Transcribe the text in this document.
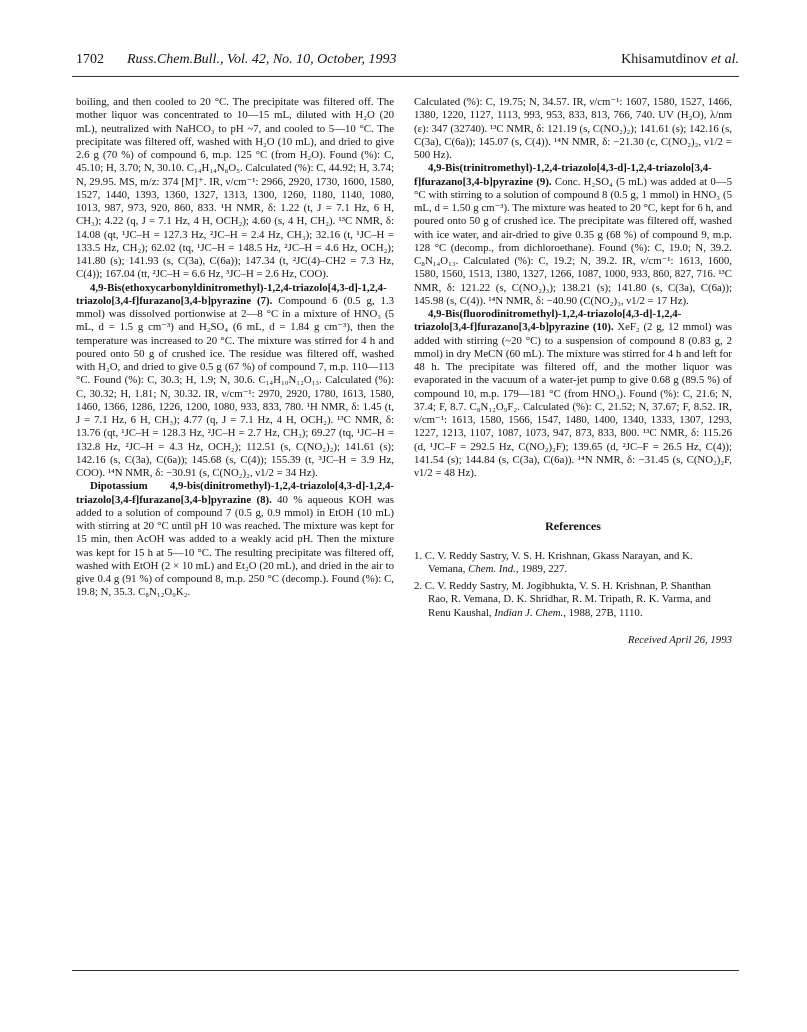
1702 Russ.Chem.Bull., Vol. 42, No. 10, October, 1993	Khisamutdinov et al.

boiling, and then cooled to 20 °C. The precipitate was filtered off. The mother liquor was concentrated to 10—15 mL, diluted with H₂O (20 mL), neutralized with NaHCO₃ to pH ~7, and cooled to 5—10 °C. The precipitate was filtered off, washed with H₂O (10 mL), and dried to give 2.6 g (70 %) of compound 6, m.p. 125 °C (from H₂O). Found (%): C, 45.10; H, 3.70; N, 30.10. C₁₄H₁₄N₈O₅. Calculated (%): C, 44.92; H, 3.74; N, 29.95. MS, m/z: 374 [M]⁺. IR, ν/cm⁻¹: 2966, 2920, 1730, 1600, 1580, 1527, 1440, 1393, 1360, 1327, 1313, 1300, 1260, 1180, 1140, 1080, 1013, 987, 973, 920, 860, 833. ¹H NMR, δ: 1.22 (t, J = 7.1 Hz, 6 H, CH₃); 4.22 (q, J = 7.1 Hz, 4 H, OCH₂); 4.60 (s, 4 H, CH₂). ¹³C NMR, δ: 14.08 (qt, ¹JC–H = 127.3 Hz, ²JC–H = 2.4 Hz, CH₃); 32.16 (t, ¹JC–H = 133.5 Hz, CH₂); 62.02 (tq, ¹JC–H = 148.5 Hz, ²JC–H = 4.6 Hz, OCH₂); 141.80 (s); 141.93 (s, C(3a), C(6a)); 147.34 (t, ²JC(4)–CH2 = 7.3 Hz, C(4)); 167.04 (tt, ²JC–H = 6.6 Hz, ³JC–H = 2.6 Hz, COO).

4,9-Bis(ethoxycarbonyldinitromethyl)-1,2,4-triazolo[4,3-d]-1,2,4-triazolo[3,4-f]furazano[3,4-b]pyrazine (7). Compound 6 (0.5 g, 1.3 mmol) was dissolved portionwise at 2—8 °C in a mixture of HNO₃ (5 mL, d = 1.5 g cm⁻³) and H₂SO₄ (6 mL, d = 1.84 g cm⁻³), then the temperature was increased to 20 °C. The mixture was stirred for 4 h and poured onto 50 g of crushed ice. The residue was filtered off, washed with H₂O, and dried to give 0.5 g (67 %) of compound 7, m.p. 110—113 °C. Found (%): C, 30.3; H, 1.9; N, 30.6. C₁₄H₁₀N₁₂O₁₃. Calculated (%): C, 30.32; H, 1.81; N, 30.32. IR, ν/cm⁻¹: 2970, 2920, 1780, 1613, 1580, 1460, 1366, 1286, 1226, 1200, 1080, 933, 833, 780. ¹H NMR, δ: 1.45 (t, J = 7.1 Hz, 6 H, CH₃); 4.77 (q, J = 7.1 Hz, 4 H, OCH₂). ¹³C NMR, δ: 13.76 (qt, ¹JC–H = 128.3 Hz, ²JC–H = 2.7 Hz, CH₃); 69.27 (tq, ¹JC–H = 132.8 Hz, ²JC–H = 4.3 Hz, OCH₂); 112.51 (s, C(NO₂)₂); 141.61 (s); 142.16 (s, C(3a), C(6a)); 145.68 (s, C(4)); 155.39 (t, ³JC–H = 3.9 Hz, COO). ¹⁴N NMR, δ: −30.91 (s, C(NO₂)₂, ν1/2 = 34 Hz).

Dipotassium 4,9-bis(dinitromethyl)-1,2,4-triazolo[4,3-d]-1,2,4-triazolo[3,4-f]furazano[3,4-b]pyrazine (8). 40 % aqueous KOH was added to a solution of compound 7 (0.5 g, 0.9 mmol) in EtOH (10 mL) with stirring at 20 °C until pH 10 was reached. The mixture was kept for 15 min, then AcOH was added to a weakly acid pH. Then the mixture was kept for 15 h at 5—10 °C. The resulting precipitate was filtered off, washed with EtOH (2 × 10 mL) and Et₂O (20 mL), and dried in the air to give 0.4 g (91 %) of compound 8, m.p. 250 °C (decomp.). Found (%): C, 19.8; N, 35.3. C₈N₁₂O₉K₂.

Calculated (%): C, 19.75; N, 34.57. IR, ν/cm⁻¹: 1607, 1580, 1527, 1466, 1380, 1220, 1127, 1113, 993, 953, 833, 813, 766, 740. UV (H₂O), λ/nm (ε): 347 (32740). ¹³C NMR, δ: 121.19 (s, C(NO₂)₂); 141.61 (s); 142.16 (s, C(3a), C(6a)); 145.07 (s, C(4)). ¹⁴N NMR, δ: −21.30 (c, C(NO₂)₂, ν1/2 = 500 Hz).

4,9-Bis(trinitromethyl)-1,2,4-triazolo[4,3-d]-1,2,4-triazolo[3,4-f]furazano[3,4-b]pyrazine (9). Conc. H₂SO₄ (5 mL) was added at 0—5 °C with stirring to a solution of compound 8 (0.5 g, 1 mmol) in HNO₃ (5 mL, d = 1.50 g cm⁻³). The mixture was heated to 20 °C, kept for 6 h, and poured onto 50 g of crushed ice. The precipitate was filtered off, washed with ice water, and air-dried to give 0.35 g (68 %) of compound 9, m.p. 128 °C (decomp., from dichloroethane). Found (%): C, 19.0; N, 39.2. C₈N₁₄O₁₃. Calculated (%): C, 19.2; N, 39.2. IR, ν/cm⁻¹: 1613, 1600, 1580, 1560, 1513, 1380, 1327, 1266, 1087, 1000, 933, 860, 827, 716. ¹³C NMR, δ: 121.22 (s, C(NO₂)₃); 138.21 (s); 141.80 (s, C(3a), C(6a)); 145.98 (s, C(4)). ¹⁴N NMR, δ: −40.90 (C(NO₂)₃, ν1/2 = 17 Hz).

4,9-Bis(fluorodinitromethyl)-1,2,4-triazolo[4,3-d]-1,2,4-triazolo[3,4-f]furazano[3,4-b]pyrazine (10). XeF₂ (2 g, 12 mmol) was added with stirring (~20 °C) to a suspension of compound 8 (0.83 g, 2 mmol) in dry MeCN (60 mL). The mixture was stirred for 4 h and left for 48 h. The precipitate was filtered off, and the mother liquor was evaporated in the vacuum of a water-jet pump to give 0.68 g (89.5 %) of compound 10, m.p. 179—181 °C (from HNO₃). Found (%): C, 21.6; N, 37.4; F, 8.7. C₈N₁₂O₉F₂. Calculated (%): C, 21.52; N, 37.67; F, 8.52. IR, ν/cm⁻¹: 1613, 1580, 1566, 1547, 1480, 1400, 1340, 1333, 1307, 1293, 1227, 1213, 1107, 1087, 1073, 947, 873, 833, 800. ¹³C NMR, δ: 115.26 (d, ¹JC–F = 292.5 Hz, C(NO₂)₂F); 139.65 (d, ²JC–F = 26.5 Hz, C(4)); 141.54 (s); 144.84 (s, C(3a), C(6a)). ¹⁴N NMR, δ: −31.45 (s, C(NO₂)₂F, ν1/2 = 48 Hz).

References

1. C. V. Reddy Sastry, V. S. H. Krishnan, Gkass Narayan, and K. Vemana, Chem. Ind., 1989, 227.

2. C. V. Reddy Sastry, M. Jogibhukta, V. S. H. Krishnan, P. Shanthan Rao, R. Vemana, D. K. Shridhar, R. M. Tripath, R. K. Varma, and Renu Kaushal, Indian J. Chem., 1988, 27B, 1110.

Received April 26, 1993
